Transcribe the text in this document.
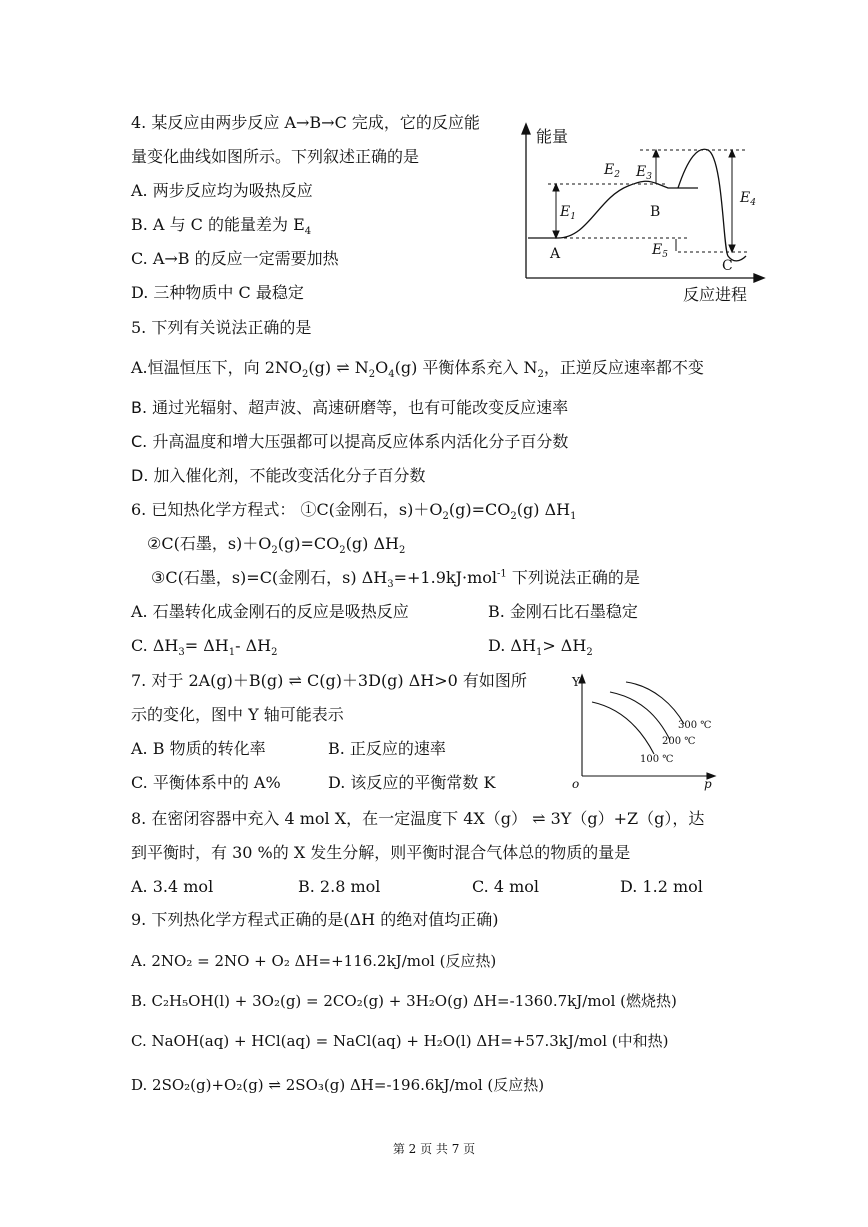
4. 某反应由两步反应 A→B→C 完成，它的反应能
量变化曲线如图所示。下列叙述正确的是
A. 两步反应均为吸热反应
B. A 与 C 的能量差为 $E_4$
C. A→B 的反应一定需要加热
D. 三种物质中 C 最稳定
能量
反应进程
A
B
C
$E_1$
$E_2$ $E_3$
$E_4$
$E_5$
5. 下列有关说法正确的是
A.恒温恒压下，向 $2NO_2(g)$ ⇌ $N_2O_4(g)$ 平衡体系充入 $N_2$，正逆反应速率都不变
B. 通过光辐射、超声波、高速研磨等，也有可能改变反应速率
C. 升高温度和增大压强都可以提高反应体系内活化分子百分数
D. 加入催化剂，不能改变活化分子百分数
6. 已知热化学方程式： ①C(金刚石，$s)+O_2(g)=CO_2(g)$ $\Delta H_1$
②C(石墨，$s)+O_2(g)=CO_2(g)$ $\Delta H_2$
③C(石墨，s)=C(金刚石，s) $\Delta H_3=+1.9kJ\cdot mol^{-1}$ 下列说法正确的是
A. 石墨转化成金刚石的反应是吸热反应	B. 金刚石比石墨稳定
C. $\Delta H_3= \Delta H_1-$ $\Delta H_2$	D. $\Delta H_1> \Delta H_2$
7. 对于 2A(g)＋B(g) ⇌ C(g)＋3D(g) ΔH>0 有如图所
示的变化，图中 Y 轴可能表示
A. B 物质的转化率	B. 正反应的速率
C. 平衡体系中的 A%	D. 该反应的平衡常数 K
Y
o	p
300 ℃
200 ℃
100 ℃
8. 在密闭容器中充入 4 mol X，在一定温度下 4X（g） ⇌ 3Y（g）+Z（g），达
到平衡时，有 30 %的 X 发生分解，则平衡时混合气体总的物质的量是
A. 3.4 mol	B. 2.8 mol	C. 4 mol	D. 1.2 mol
9. 下列热化学方程式正确的是(ΔH 的绝对值均正确)
A. 2NO₂ = 2NO + O₂ ΔH=+116.2kJ/mol (反应热)
B. C₂H₅OH(l) + 3O₂(g) = 2CO₂(g) + 3H₂O(g) ΔH=-1360.7kJ/mol (燃烧热)
C. NaOH(aq) + HCl(aq) = NaCl(aq) + H₂O(l) ΔH=+57.3kJ/mol (中和热)
D. 2SO₂(g)+O₂(g) ⇌ 2SO₃(g) ΔH=-196.6kJ/mol (反应热)
第 2 页 共 7 页
